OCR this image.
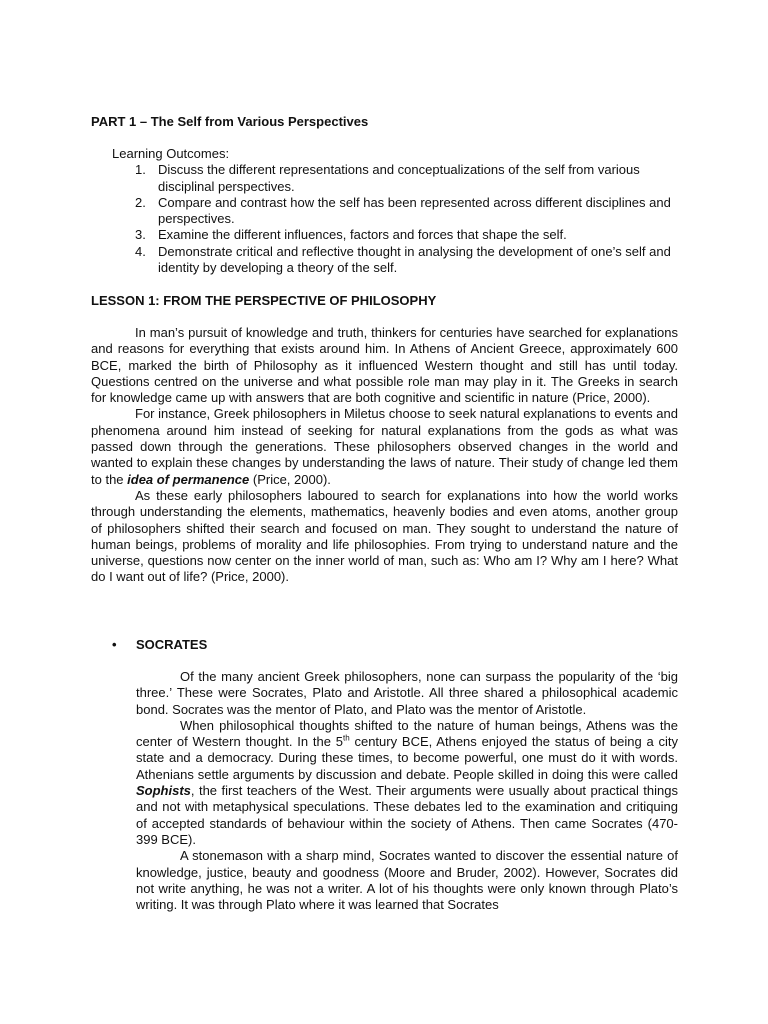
PART 1 – The Self from Various Perspectives

Learning Outcomes:

1. Discuss the different representations and conceptualizations of the self from various disciplinal perspectives.
2. Compare and contrast how the self has been represented across different disciplines and perspectives.
3. Examine the different influences, factors and forces that shape the self.
4. Demonstrate critical and reflective thought in analysing the development of one’s self and identity by developing a theory of the self.
LESSON 1: FROM THE PERSPECTIVE OF PHILOSOPHY

In man’s pursuit of knowledge and truth, thinkers for centuries have searched for explanations and reasons for everything that exists around him. In Athens of Ancient Greece, approximately 600 BCE, marked the birth of Philosophy as it influenced Western thought and still has until today. Questions centred on the universe and what possible role man may play in it. The Greeks in search for knowledge came up with answers that are both cognitive and scientific in nature (Price, 2000).

For instance, Greek philosophers in Miletus choose to seek natural explanations to events and phenomena around him instead of seeking for natural explanations from the gods as what was passed down through the generations. These philosophers observed changes in the world and wanted to explain these changes by understanding the laws of nature. Their study of change led them to the idea of permanence (Price, 2000).

As these early philosophers laboured to search for explanations into how the world works through understanding the elements, mathematics, heavenly bodies and even atoms, another group of philosophers shifted their search and focused on man. They sought to understand the nature of human beings, problems of morality and life philosophies. From trying to understand nature and the universe, questions now center on the inner world of man, such as: Who am I? Why am I here? What do I want out of life? (Price, 2000).

• SOCRATES

Of the many ancient Greek philosophers, none can surpass the popularity of the ‘big three.’ These were Socrates, Plato and Aristotle. All three shared a philosophical academic bond. Socrates was the mentor of Plato, and Plato was the mentor of Aristotle.

When philosophical thoughts shifted to the nature of human beings, Athens was the center of Western thought. In the 5th century BCE, Athens enjoyed the status of being a city state and a democracy. During these times, to become powerful, one must do it with words. Athenians settle arguments by discussion and debate. People skilled in doing this were called Sophists, the first teachers of the West. Their arguments were usually about practical things and not with metaphysical speculations. These debates led to the examination and critiquing of accepted standards of behaviour within the society of Athens. Then came Socrates (470-399 BCE).

A stonemason with a sharp mind, Socrates wanted to discover the essential nature of knowledge, justice, beauty and goodness (Moore and Bruder, 2002). However, Socrates did not write anything, he was not a writer. A lot of his thoughts were only known through Plato’s writing. It was through Plato where it was learned that Socrates
